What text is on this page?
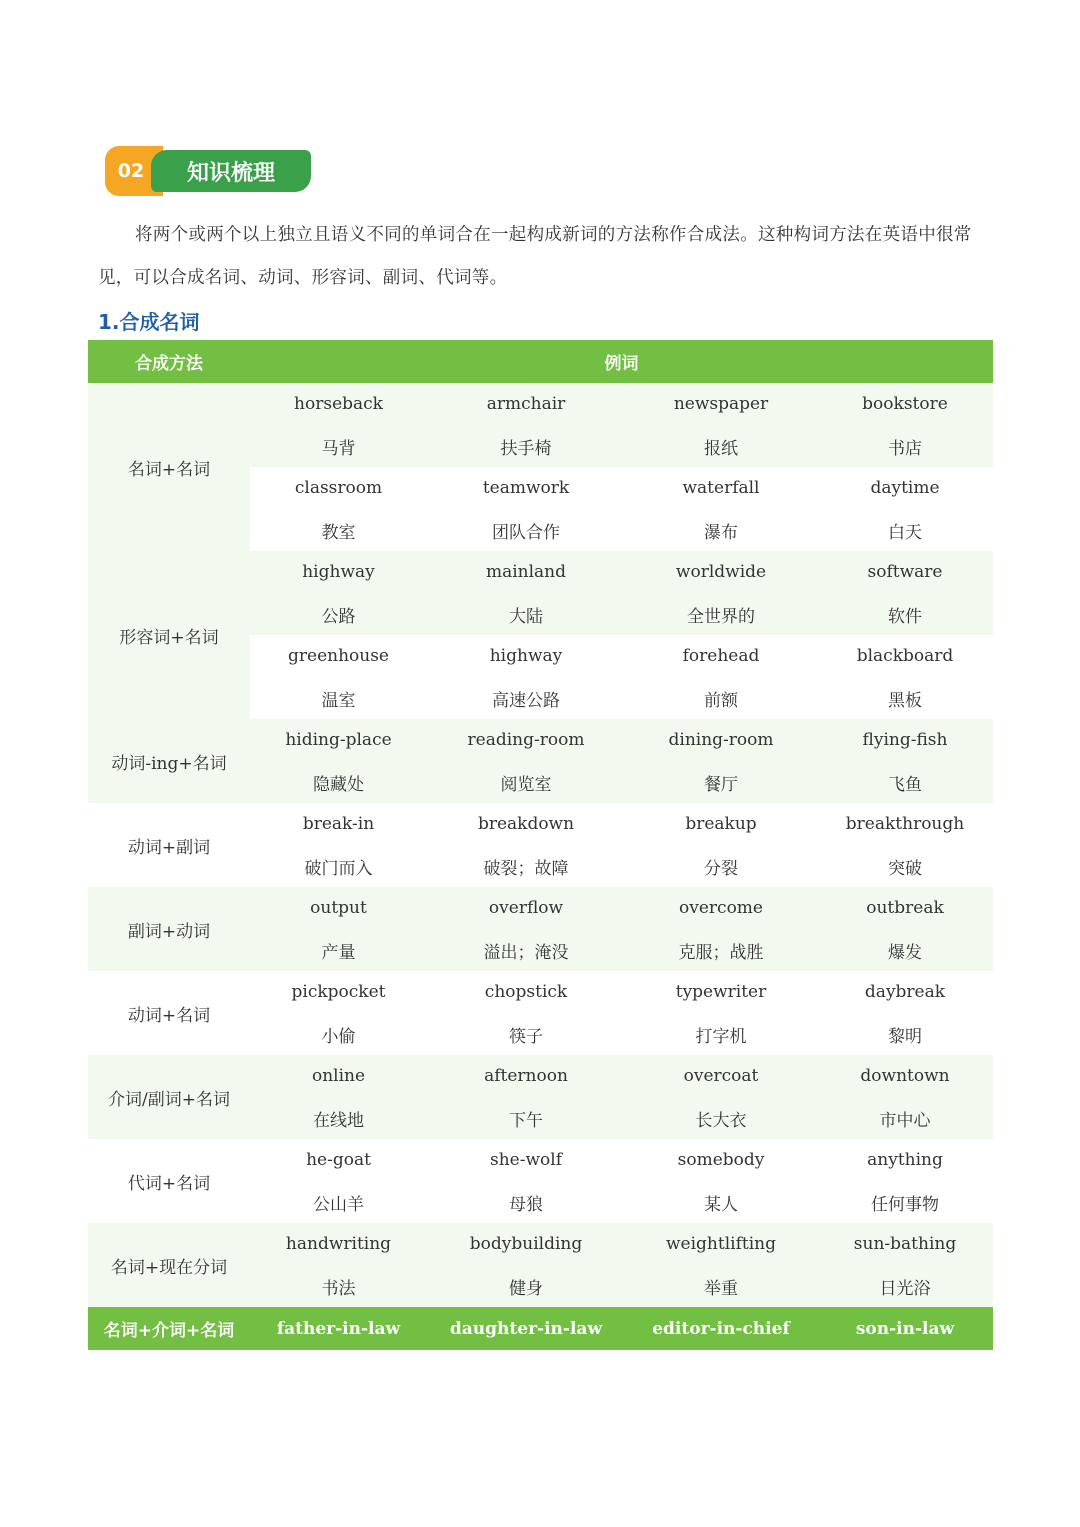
02	知识梳理
将两个或两个以上独立且语义不同的单词合在一起构成新词的方法称作合成法。这种构词方法在英语中很常见，可以合成名词、动词、形容词、副词、代词等。
1.合成名词
合成方法	例词			
名词+名词	horseback	armchair	newspaper	bookstore
	马背	扶手椅	报纸	书店
	classroom	teamwork	waterfall	daytime
	教室	团队合作	瀑布	白天
形容词+名词	highway	mainland	worldwide	software
	公路	大陆	全世界的	软件
	greenhouse	highway	forehead	blackboard
	温室	高速公路	前额	黑板
动词-ing+名词	hiding-place	reading-room	dining-room	flying-fish
	隐藏处	阅览室	餐厅	飞鱼
动词+副词	break-in	breakdown	breakup	breakthrough
	破门而入	破裂；故障	分裂	突破
副词+动词	output	overflow	overcome	outbreak
	产量	溢出；淹没	克服；战胜	爆发
动词+名词	pickpocket	chopstick	typewriter	daybreak
	小偷	筷子	打字机	黎明
介词/副词+名词	online	afternoon	overcoat	downtown
	在线地	下午	长大衣	市中心
代词+名词	he-goat	she-wolf	somebody	anything
	公山羊	母狼	某人	任何事物
名词+现在分词	handwriting	bodybuilding	weightlifting	sun-bathing
	书法	健身	举重	日光浴
名词+介词+名词	father-in-law	daughter-in-law	editor-in-chief	son-in-law
